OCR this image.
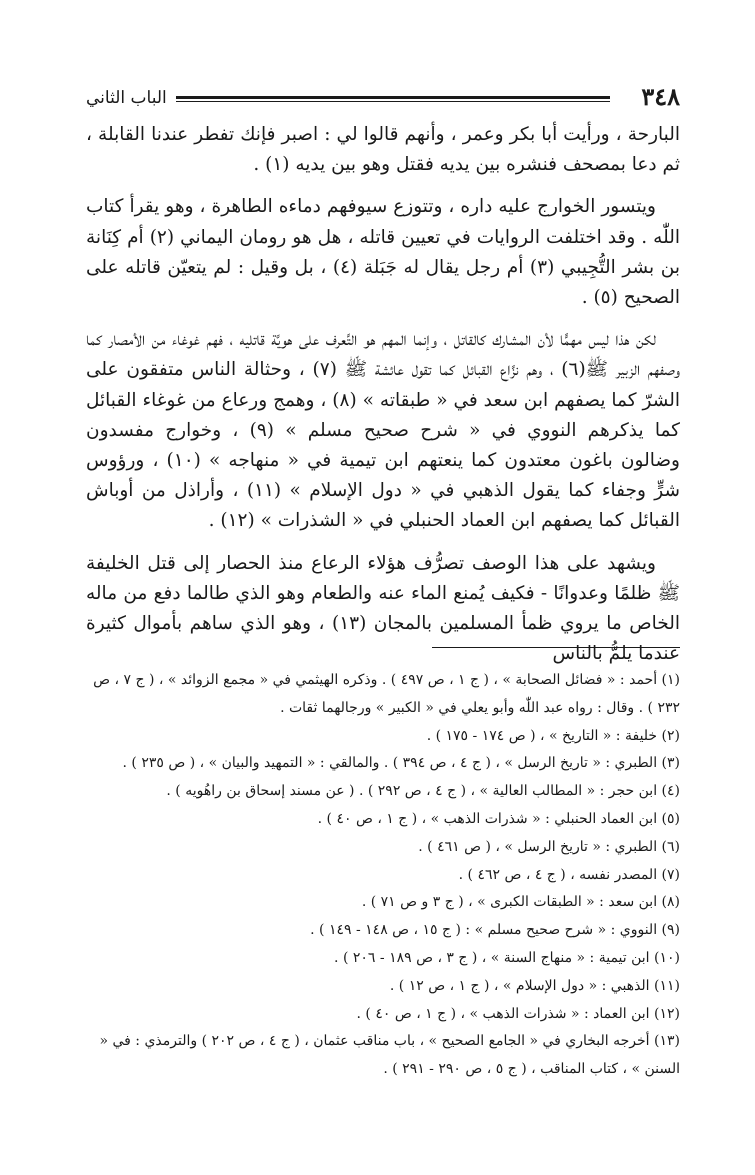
٣٤٨
الباب الثاني

البارحة ، ورأيت أبا بكر وعمر ، وأنهم قالوا لي : اصبر فإنك تفطر عندنا القابلة ، ثم دعا بمصحف فنشره بين يديه فقتل وهو بين يديه (١) .

ويتسور الخوارج عليه داره ، وتتوزع سيوفهم دماءه الطاهرة ، وهو يقرأ كتاب اللّٰه . وقد اختلفت الروايات في تعيين قاتله ، هل هو رومان اليماني (٢) أم كِنَانة بن بشر التُّجِيبي (٣) أم رجل يقال له جَبَلة (٤) ، بل وقيل : لم يتعيّن قاتله على الصحيح (٥) .

لكن هذا ليس مهمًّا لأن المشارك كالقاتل ، وإنما المهم هو التَّعرف على هويَّة قاتليه ، فهم غوغاء من الأمصار كما وصفهم الزبير ﷺ(٦) ، وهم نزَّاع القبائل كما تقول عائشة ﷺ (٧) ، وحثالة الناس متفقون على الشرّ كما يصفهم ابن سعد في « طبقاته » (٨) ، وهمج ورعاع من غوغاء القبائل كما يذكرهم النووي في « شرح صحيح مسلم » (٩) ، وخوارج مفسدون وضالون باغون معتدون كما ينعتهم ابن تيمية في « منهاجه » (١٠) ، ورؤوس شرٍّ وجفاء كما يقول الذهبي في « دول الإسلام » (١١) ، وأراذل من أوباش القبائل كما يصفهم ابن العماد الحنبلي في « الشذرات » (١٢) .

ويشهد على هذا الوصف تصرُّف هؤلاء الرعاع منذ الحصار إلى قتل الخليفة ﷺ ظلمًا وعدوانًا - فكيف يُمنع الماء عنه والطعام وهو الذي طالما دفع من ماله الخاص ما يروي ظمأ المسلمين بالمجان (١٣) ، وهو الذي ساهم بأموال كثيرة عندما يلمُّ بالناس

(١) أحمد : « فضائل الصحابة » ، ( ج ١ ، ص ٤٩٧ ) . وذكره الهيثمي في « مجمع الزوائد » ، ( ج ٧ ، ص ٢٣٢ ) . وقال : رواه عبد اللّٰه وأبو يعلي في « الكبير » ورجالهما ثقات .
(٢) خليفة : « التاريخ » ، ( ص ١٧٤ - ١٧٥ ) .
(٣) الطبري : « تاريخ الرسل » ، ( ج ٤ ، ص ٣٩٤ ) . والمالقي : « التمهيد والبيان » ، ( ص ٢٣٥ ) .
(٤) ابن حجر : « المطالب العالية » ، ( ج ٤ ، ص ٢٩٢ ) . ( عن مسند إسحاق بن راهُويه ) .
(٥) ابن العماد الحنبلي : « شذرات الذهب » ، ( ج ١ ، ص ٤٠ ) .
(٦) الطبري : « تاريخ الرسل » ، ( ص ٤٦١ ) .
(٧) المصدر نفسه ، ( ج ٤ ، ص ٤٦٢ ) .
(٨) ابن سعد : « الطبقات الكبرى » ، ( ج ٣ و ص ٧١ ) .
(٩) النووي : « شرح صحيح مسلم » : ( ج ١٥ ، ص ١٤٨ - ١٤٩ ) .
(١٠) ابن تيمية : « منهاج السنة » ، ( ج ٣ ، ص ١٨٩ - ٢٠٦ ) .
(١١) الذهبي : « دول الإسلام » ، ( ج ١ ، ص ١٢ ) .
(١٢) ابن العماد : « شذرات الذهب » ، ( ج ١ ، ص ٤٠ ) .
(١٣) أخرجه البخاري في « الجامع الصحيح » ، باب مناقب عثمان ، ( ج ٤ ، ص ٢٠٢ ) والترمذي : في « السنن » ، كتاب المناقب ، ( ج ٥ ، ص ٢٩٠ - ٢٩١ ) .
